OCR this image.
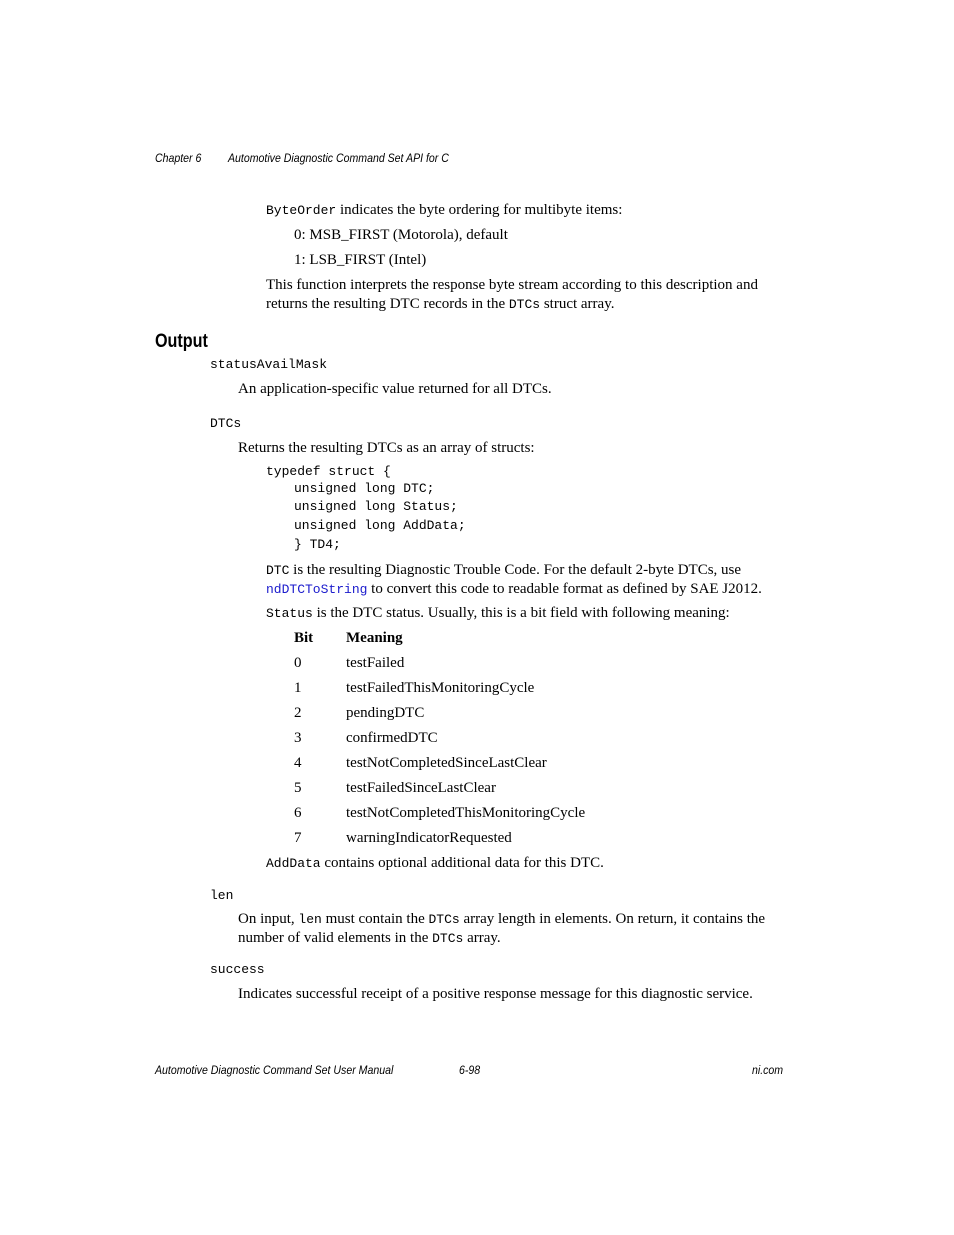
Chapter 6 Automotive Diagnostic Command Set API for C
ByteOrder indicates the byte ordering for multibyte items:
0: MSB_FIRST (Motorola), default
1: LSB_FIRST (Intel)
This function interprets the response byte stream according to this description and
returns the resulting DTC records in the DTCs struct array.
Output
statusAvailMask
An application-specific value returned for all DTCs.
DTCs
Returns the resulting DTCs as an array of structs:
typedef struct {
unsigned long DTC;
unsigned long Status;
unsigned long AddData;
} TD4;
DTC is the resulting Diagnostic Trouble Code. For the default 2-byte DTCs, use
ndDTCToString to convert this code to readable format as defined by SAE J2012.
Status is the DTC status. Usually, this is a bit field with following meaning:
Bit Meaning
0	testFailed
1	testFailedThisMonitoringCycle
2	pendingDTC
3	confirmedDTC
4	testNotCompletedSinceLastClear
5	testFailedSinceLastClear
6	testNotCompletedThisMonitoringCycle
7	warningIndicatorRequested
AddData contains optional additional data for this DTC.
len
On input, len must contain the DTCs array length in elements. On return, it contains the
number of valid elements in the DTCs array.
success
Indicates successful receipt of a positive response message for this diagnostic service.
Automotive Diagnostic Command Set User Manual	6-98	ni.com
